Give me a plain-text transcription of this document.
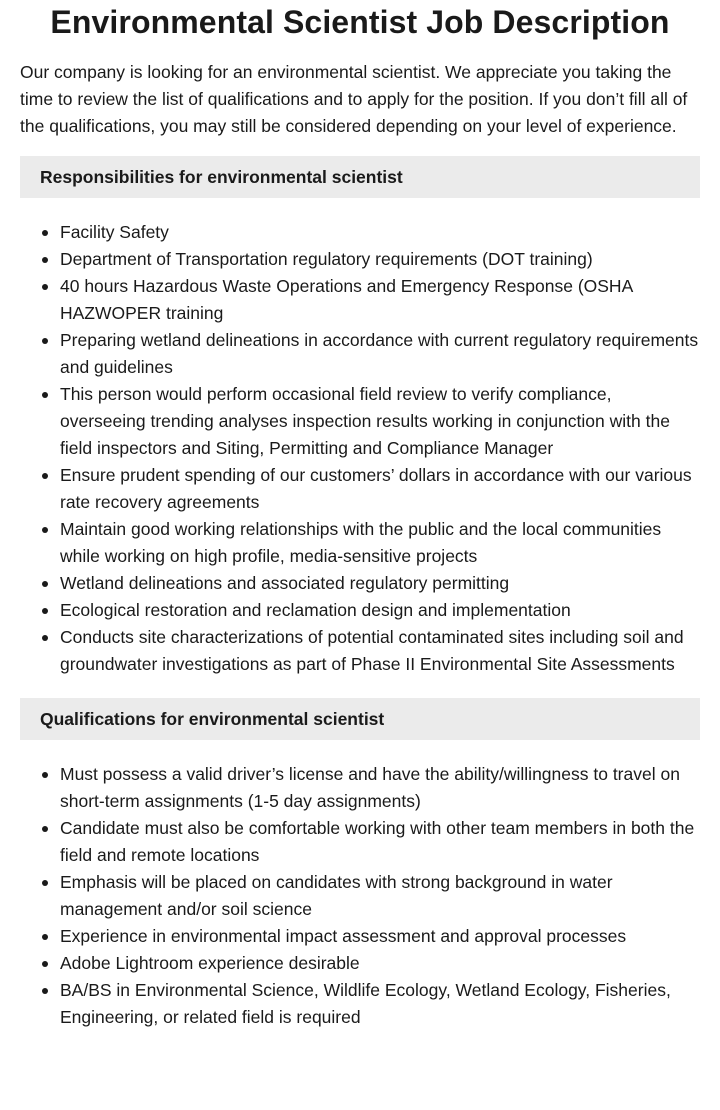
Environmental Scientist Job Description

Our company is looking for an environmental scientist. We appreciate you taking the time to review the list of qualifications and to apply for the position. If you don’t fill all of the qualifications, you may still be considered depending on your level of experience.

Responsibilities for environmental scientist
Facility Safety
Department of Transportation regulatory requirements (DOT training)
40 hours Hazardous Waste Operations and Emergency Response (OSHA HAZWOPER training
Preparing wetland delineations in accordance with current regulatory requirements and guidelines
This person would perform occasional field review to verify compliance, overseeing trending analyses inspection results working in conjunction with the field inspectors and Siting, Permitting and Compliance Manager
Ensure prudent spending of our customers’ dollars in accordance with our various rate recovery agreements
Maintain good working relationships with the public and the local communities while working on high profile, media-sensitive projects
Wetland delineations and associated regulatory permitting
Ecological restoration and reclamation design and implementation
Conducts site characterizations of potential contaminated sites including soil and groundwater investigations as part of Phase II Environmental Site Assessments
Qualifications for environmental scientist
Must possess a valid driver’s license and have the ability/willingness to travel on short-term assignments (1-5 day assignments)
Candidate must also be comfortable working with other team members in both the field and remote locations
Emphasis will be placed on candidates with strong background in water management and/or soil science
Experience in environmental impact assessment and approval processes
Adobe Lightroom experience desirable
BA/BS in Environmental Science, Wildlife Ecology, Wetland Ecology, Fisheries, Engineering, or related field is required
